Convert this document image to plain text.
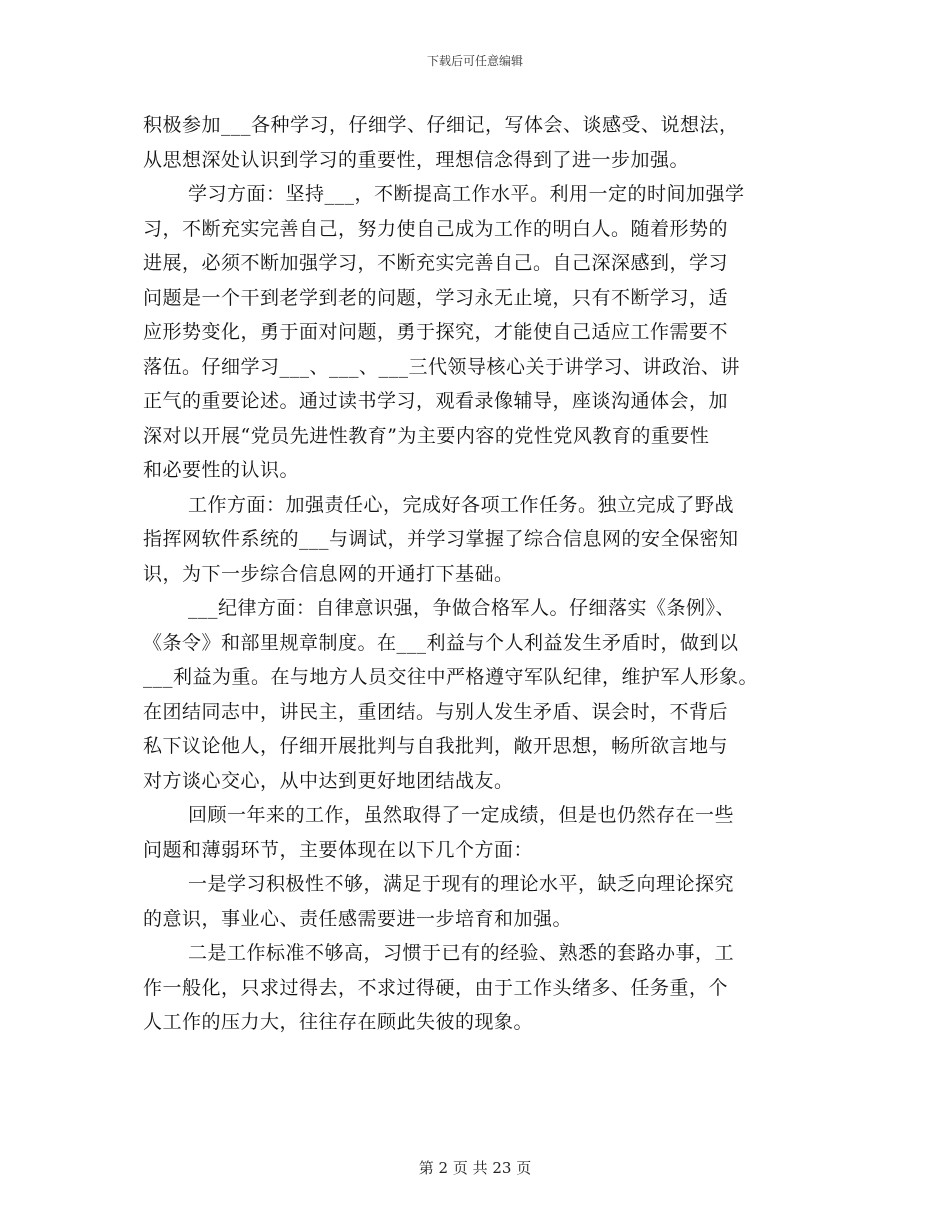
下载后可任意编辑
积极参加___各种学习，仔细学、仔细记，写体会、谈感受、说想法，
从思想深处认识到学习的重要性，理想信念得到了进一步加强。
学习方面：坚持___，不断提高工作水平。利用一定的时间加强学
习，不断充实完善自己，努力使自己成为工作的明白人。随着形势的
进展，必须不断加强学习，不断充实完善自己。自己深深感到，学习
问题是一个干到老学到老的问题，学习永无止境，只有不断学习，适
应形势变化，勇于面对问题，勇于探究，才能使自己适应工作需要不
落伍。仔细学习___、___、___三代领导核心关于讲学习、讲政治、讲
正气的重要论述。通过读书学习，观看录像辅导，座谈沟通体会，加
深对以开展“党员先进性教育”为主要内容的党性党风教育的重要性
和必要性的认识。
工作方面：加强责任心，完成好各项工作任务。独立完成了野战
指挥网软件系统的___与调试，并学习掌握了综合信息网的安全保密知
识，为下一步综合信息网的开通打下基础。
___纪律方面：自律意识强，争做合格军人。仔细落实《条例》、
《条令》和部里规章制度。在___利益与个人利益发生矛盾时，做到以
___利益为重。在与地方人员交往中严格遵守军队纪律，维护军人形象。
在团结同志中，讲民主，重团结。与别人发生矛盾、误会时，不背后
私下议论他人，仔细开展批判与自我批判，敞开思想，畅所欲言地与
对方谈心交心，从中达到更好地团结战友。
回顾一年来的工作，虽然取得了一定成绩，但是也仍然存在一些
问题和薄弱环节，主要体现在以下几个方面：
一是学习积极性不够，满足于现有的理论水平，缺乏向理论探究
的意识，事业心、责任感需要进一步培育和加强。
二是工作标准不够高，习惯于已有的经验、熟悉的套路办事，工
作一般化，只求过得去，不求过得硬，由于工作头绪多、任务重，个
人工作的压力大，往往存在顾此失彼的现象。
第 2 页 共 23 页
